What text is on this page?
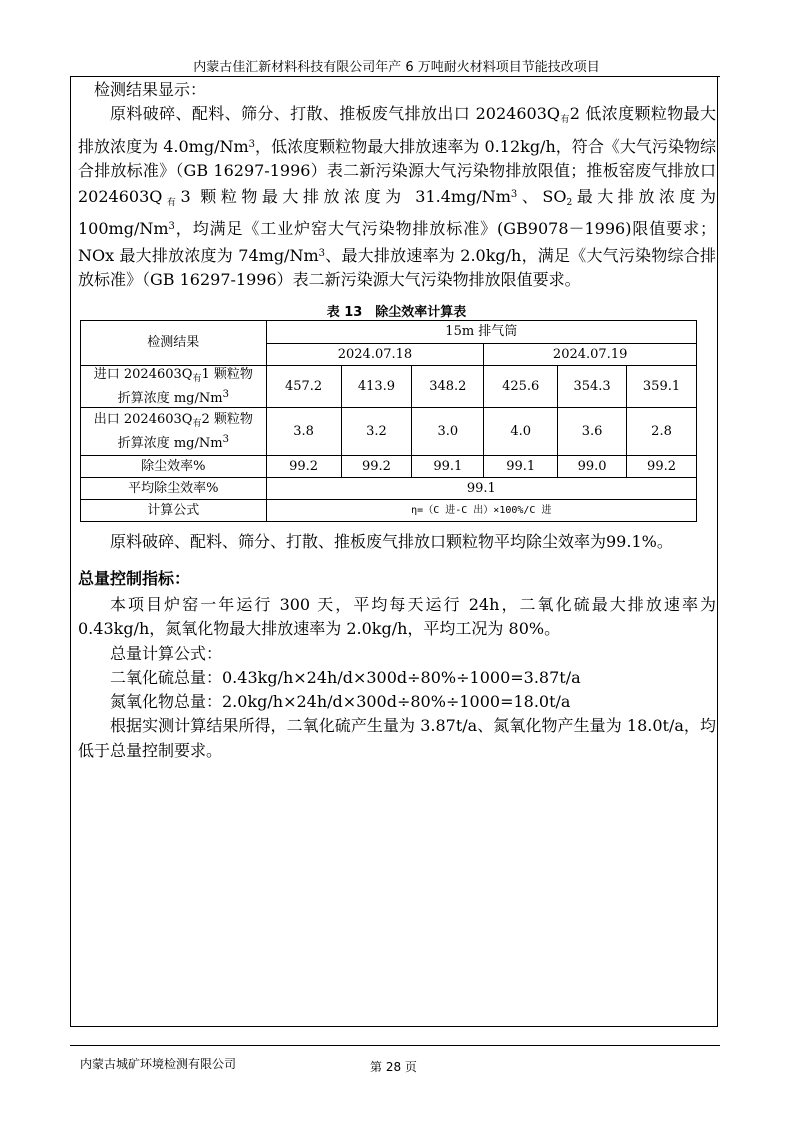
内蒙古佳汇新材料科技有限公司年产 6 万吨耐火材料项目节能技改项目

检测结果显示：

原料破碎、配料、筛分、打散、推板废气排放出口 $2024603Q_有2$ 低浓度颗粒物最大排放浓度为 4.0mg/Nm$^3$，低浓度颗粒物最大排放速率为 0.12kg/h，符合《大气污染物综合排放标准》（GB 16297-1996）表二新污染源大气污染物排放限值；推板窑废气排放口 $2024603Q_有3$ 颗粒物最大排放浓度为 31.4mg/Nm$^3$、$SO_2$最大排放浓度为 100mg/Nm$^3$，均满足《工业炉窑大气污染物排放标准》(GB9078－1996)限值要求；NOx 最大排放浓度为 74mg/Nm$^3$、最大排放速率为 2.0kg/h，满足《大气污染物综合排放标准》（GB 16297-1996）表二新污染源大气污染物排放限值要求。

表 13　除尘效率计算表
检测结果	15m 排气筒					
	2024.07.18			2024.07.19		
进口 $2024603Q_有1$ 颗粒物
折算浓度 mg/Nm$^3$	457.2	413.9	348.2	425.6	354.3	359.1
出口 $2024603Q_有2$ 颗粒物
折算浓度 mg/Nm$^3$	3.8	3.2	3.0	4.0	3.6	2.8
除尘效率%	99.2	99.2	99.1	99.1	99.0	99.2
平均除尘效率%	99.1					
计算公式	η=（C 进-C 出）×100%/C 进					

原料破碎、配料、筛分、打散、推板废气排放口颗粒物平均除尘效率为99.1%。

总量控制指标：

本项目炉窑一年运行 300 天，平均每天运行 24h，二氧化硫最大排放速率为 0.43kg/h，氮氧化物最大排放速率为 2.0kg/h，平均工况为 80%。

总量计算公式：

二氧化硫总量：0.43kg/h×24h/d×300d÷80%÷1000=3.87t/a

氮氧化物总量：2.0kg/h×24h/d×300d÷80%÷1000=18.0t/a

根据实测计算结果所得，二氧化硫产生量为 3.87t/a、氮氧化物产生量为 18.0t/a，均低于总量控制要求。

内蒙古城矿环境检测有限公司	第 28 页
